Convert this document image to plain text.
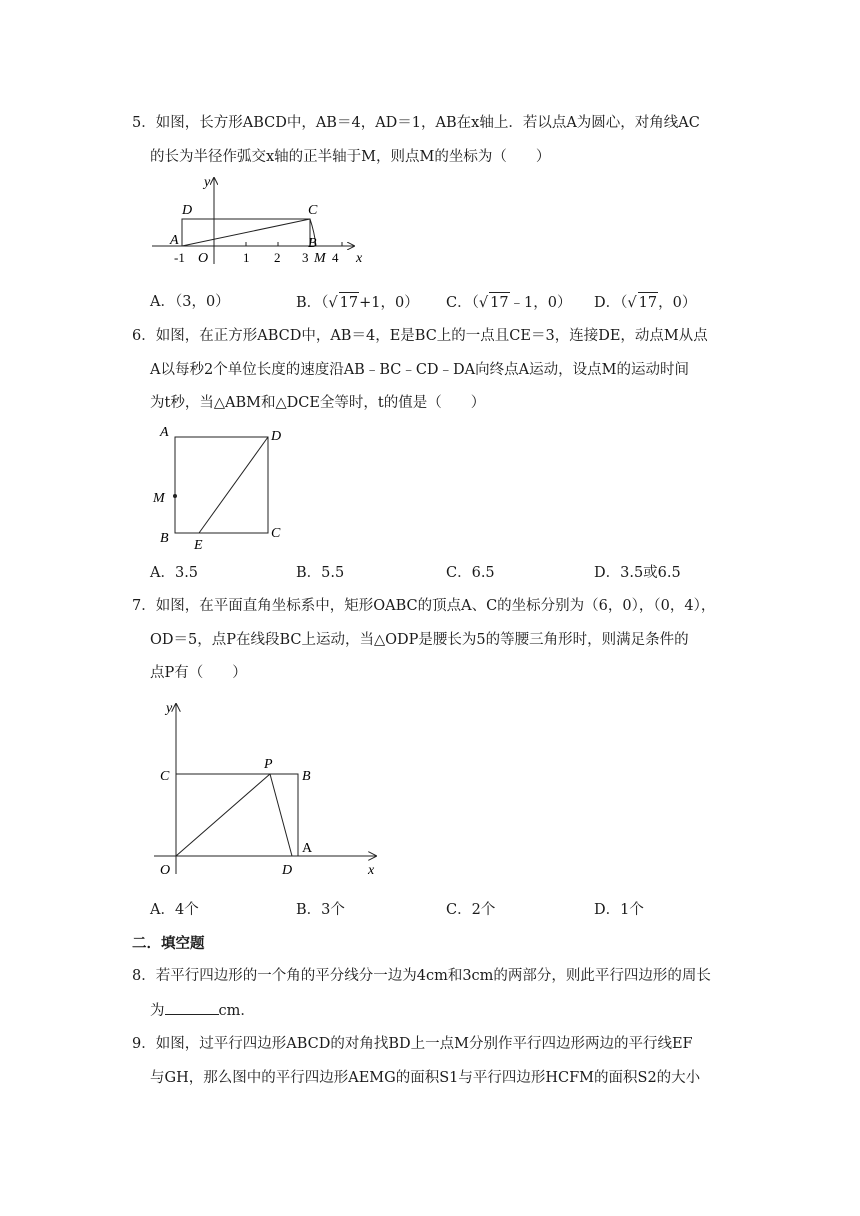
5．如图，长方形ABCD中，AB＝4，AD＝1，AB在x轴上．若以点A为圆心，对角线AC
的长为半径作弧交x轴的正半轴于M，则点M的坐标为（　　）
y
x
D	C
A	B
O	M
-1	1 2 3 4
A．（3，0）	B．（√ 17+1，0） C．（√ 17﹣1，0） D．（√ 17，0）
6．如图，在正方形ABCD中，AB＝4，E是BC上的一点且CE＝3，连接DE，动点M从点
A以每秒2个单位长度的速度沿AB﹣BC﹣CD﹣DA向终点A运动，设点M的运动时间
为t秒，当△ABM和△DCE全等时，t的值是（　　）
A	D
M
B E
C
A．3.5	B．5.5	C．6.5	D．3.5或6.5
7．如图，在平面直角坐标系中，矩形OABC的顶点A、C的坐标分别为（6，0），（0，4），
OD＝5，点P在线段BC上运动，当△ODP是腰长为5的等腰三角形时，则满足条件的
点P有（　　）
y
x
C
P
B
A
O	D
A．4个	B．3个	C．2个	D．1个
二．填空题
8．若平行四边形的一个角的平分线分一边为4cm和3cm的两部分，则此平行四边形的周长
为	cm．
9．如图，过平行四边形ABCD的对角找BD上一点M分别作平行四边形两边的平行线EF
与GH，那么图中的平行四边形AEMG的面积S1与平行四边形HCFM的面积S2的大小
